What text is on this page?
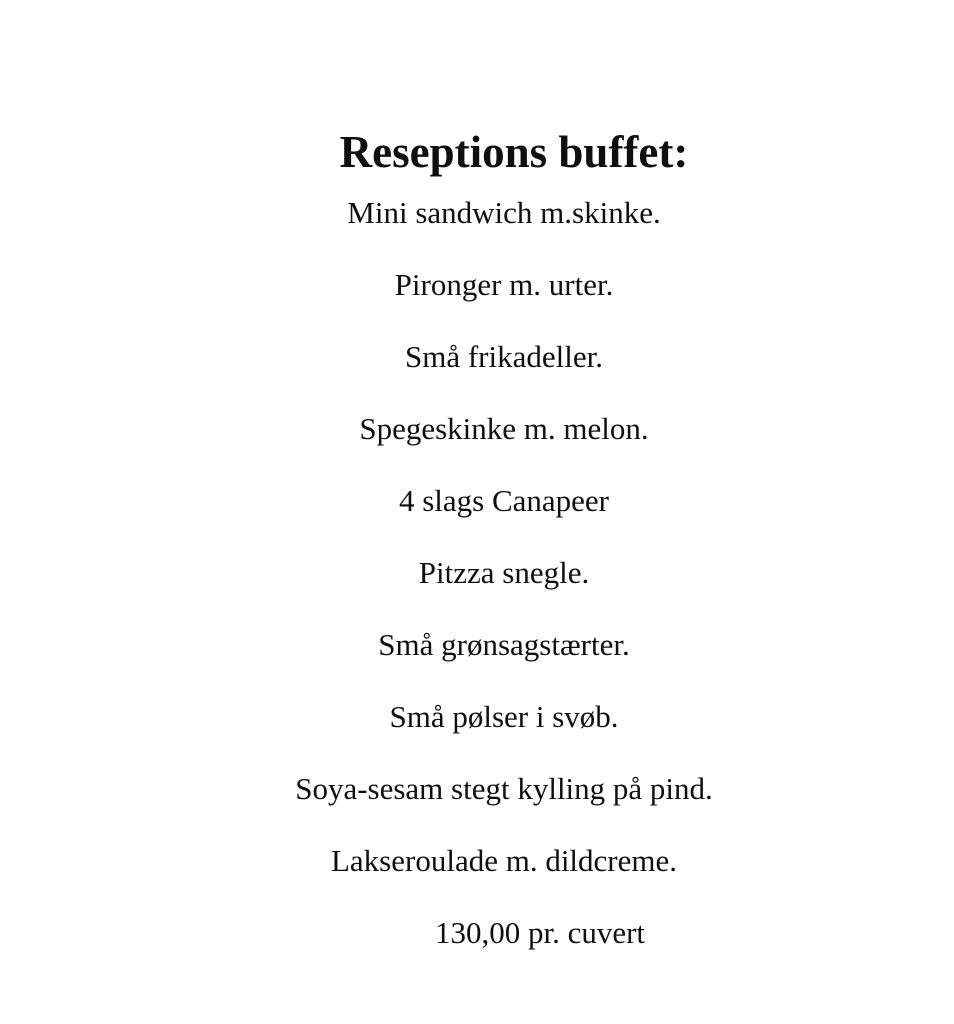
Reseptions buffet:
Mini sandwich m.skinke.
Pironger m. urter.
Små frikadeller.
Spegeskinke m. melon.
4 slags Canapeer
Pitzza snegle.
Små grønsagstærter.
Små pølser i svøb.
Soya-sesam stegt kylling på pind.
Lakseroulade m. dildcreme.
130,00 pr. cuvert
